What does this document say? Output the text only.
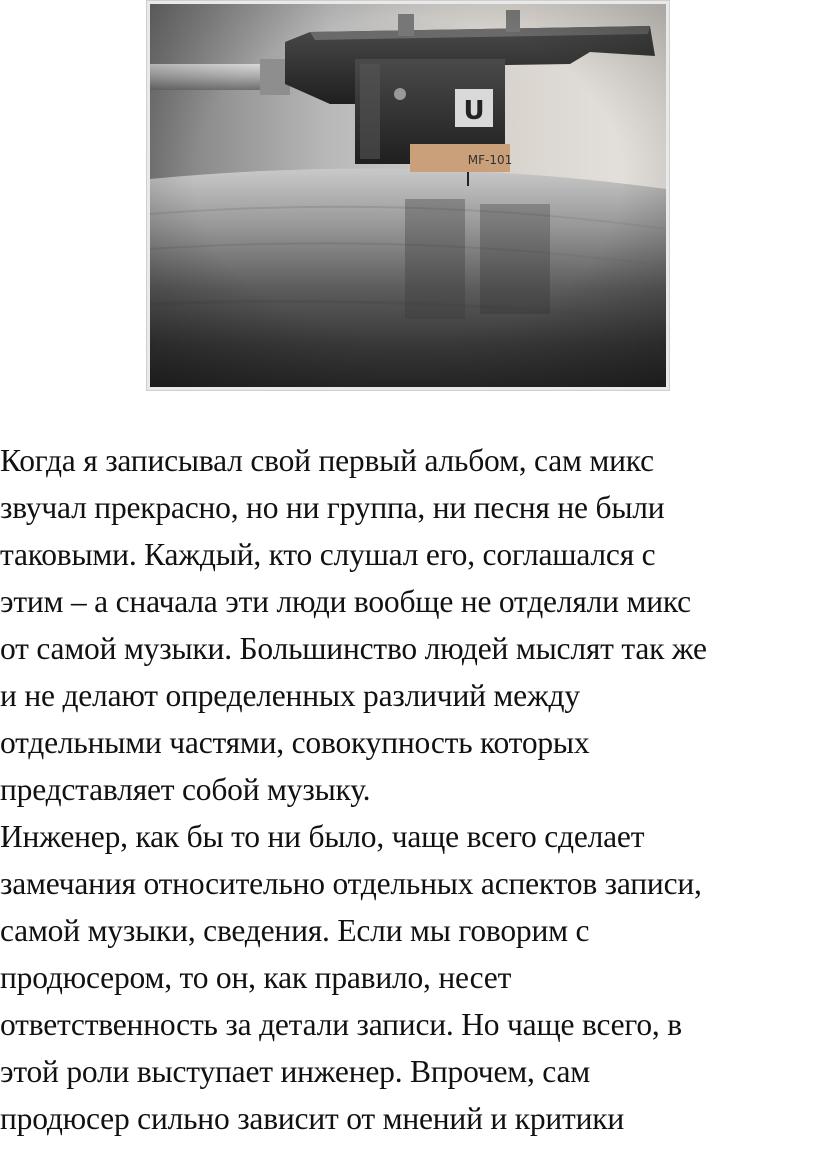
Когда я записывал свой первый альбом, сам микс
звучал прекрасно, но ни группа, ни песня не были
таковыми. Каждый, кто слушал его, соглашался с
этим – а сначала эти люди вообще не отделяли микс
от самой музыки. Большинство людей мыслят так же
и не делают определенных различий между
отдельными частями, совокупность которых
представляет собой музыку.
Инженер, как бы то ни было, чаще всего сделает
замечания относительно отдельных аспектов записи,
самой музыки, сведения. Если мы говорим с
продюсером, то он, как правило, несет
ответственность за детали записи. Но чаще всего, в
этой роли выступает инженер. Впрочем, сам
продюсер сильно зависит от мнений и критики
